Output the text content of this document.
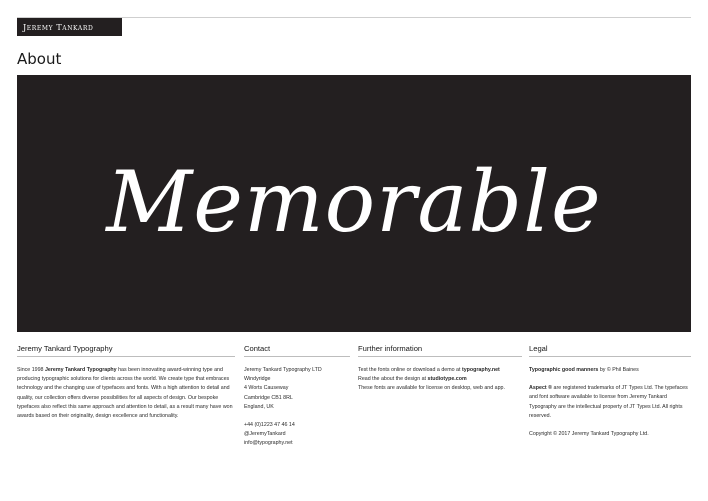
Jeremy Tankard
About
Memorable
Jeremy Tankard Typography

Since 1998 Jeremy Tankard Typography has been innovating award-winning type and producing typographic solutions for clients across the world. We create type that embraces technology and the changing use of typefaces and fonts. With a high attention to detail and quality, our collection offers diverse possibilities for all aspects of design. Our bespoke typefaces also reflect this same approach and attention to detail, as a result many have won awards based on their originality, design excellence and functionality.

Contact

Jeremy Tankard Typography LTD

Windyridge

4 Worts Causeway

Cambridge CB1 8RL

England, UK

+44 (0)1223 47 46 14

@JeremyTankard

info@typography.net

Further information

Test the fonts online or download a demo at typography.net

Read the about the design at studiotype.com

These fonts are available for license on desktop, web and app.

Legal

Typographic good manners by © Phil Baines

Aspect ® are registered trademarks of JT Types Ltd. The typefaces and font software available to license from Jeremy Tankard Typography are the intellectual property of JT Types Ltd. All rights reserved.

Copyright © 2017 Jeremy Tankard Typography Ltd.
